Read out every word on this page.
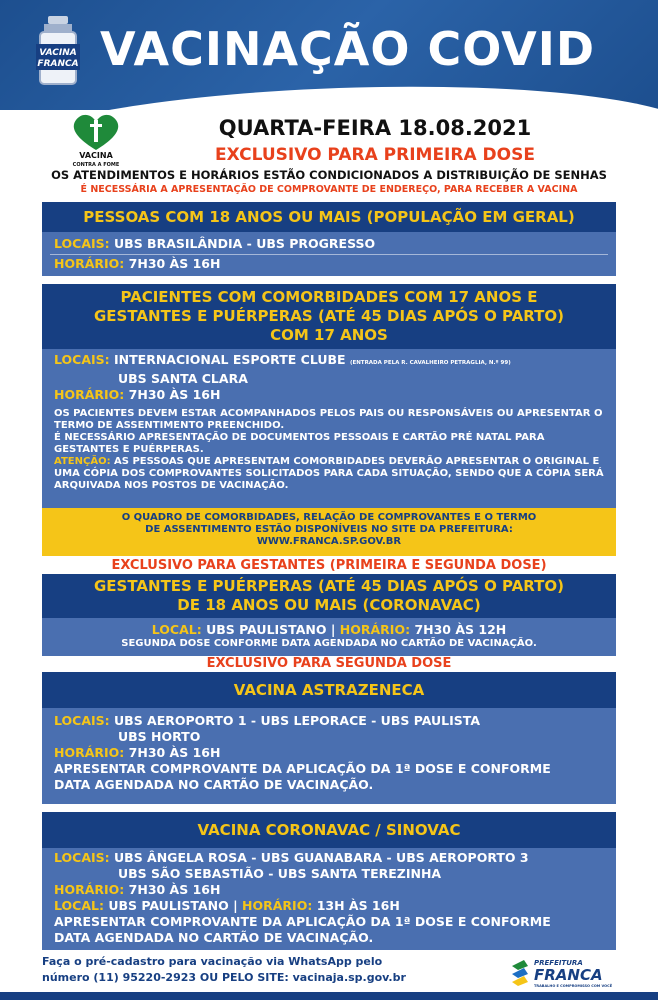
VACINA
FRANCA VACINAÇÃO COVID
VACINA
CONTRA A FOME
QUARTA-FEIRA 18.08.2021
EXCLUSIVO PARA PRIMEIRA DOSE
OS ATENDIMENTOS E HORÁRIOS ESTÃO CONDICIONADOS A DISTRIBUIÇÃO DE SENHAS
É NECESSÁRIA A APRESENTAÇÃO DE COMPROVANTE DE ENDEREÇO, PARA RECEBER A VACINA
PESSOAS COM 18 ANOS OU MAIS (POPULAÇÃO EM GERAL)
LOCAIS: UBS BRASILÂNDIA - UBS PROGRESSO
HORÁRIO: 7H30 ÀS 16H
PACIENTES COM COMORBIDADES COM 17 ANOS E
GESTANTES E PUÉRPERAS (ATÉ 45 DIAS APÓS O PARTO)
COM 17 ANOS
LOCAIS: INTERNACIONAL ESPORTE CLUBE (ENTRADA PELA R. CAVALHEIRO PETRAGLIA, N.º 99)
UBS SANTA CLARA
HORÁRIO: 7H30 ÀS 16H
OS PACIENTES DEVEM ESTAR ACOMPANHADOS PELOS PAIS OU RESPONSÁVEIS OU APRESENTAR O TERMO DE ASSENTIMENTO PREENCHIDO.
É NECESSÁRIO APRESENTAÇÃO DE DOCUMENTOS PESSOAIS E CARTÃO PRÉ NATAL PARA GESTANTES E PUÉRPERAS.
ATENÇÃO: AS PESSOAS QUE APRESENTAM COMORBIDADES DEVERÃO APRESENTAR O ORIGINAL E UMA CÓPIA DOS COMPROVANTES SOLICITADOS PARA CADA SITUAÇÃO, SENDO QUE A CÓPIA SERÁ ARQUIVADA NOS POSTOS DE VACINAÇÃO.
O QUADRO DE COMORBIDADES, RELAÇÃO DE COMPROVANTES E O TERMO
DE ASSENTIMENTO ESTÃO DISPONÍVEIS NO SITE DA PREFEITURA:
WWW.FRANCA.SP.GOV.BR
EXCLUSIVO PARA GESTANTES (PRIMEIRA E SEGUNDA DOSE)
GESTANTES E PUÉRPERAS (ATÉ 45 DIAS APÓS O PARTO)
DE 18 ANOS OU MAIS (CORONAVAC)
LOCAL: UBS PAULISTANO | HORÁRIO: 7H30 ÀS 12H
SEGUNDA DOSE CONFORME DATA AGENDADA NO CARTÃO DE VACINAÇÃO.
EXCLUSIVO PARA SEGUNDA DOSE
VACINA ASTRAZENECA
LOCAIS: UBS AEROPORTO 1 - UBS LEPORACE - UBS PAULISTA
UBS HORTO
HORÁRIO: 7H30 ÀS 16H
APRESENTAR COMPROVANTE DA APLICAÇÃO DA 1ª DOSE E CONFORME
DATA AGENDADA NO CARTÃO DE VACINAÇÃO.
VACINA CORONAVAC / SINOVAC
LOCAIS: UBS ÂNGELA ROSA - UBS GUANABARA - UBS AEROPORTO 3
UBS SÃO SEBASTIÃO - UBS SANTA TEREZINHA
HORÁRIO: 7H30 ÀS 16H
LOCAL: UBS PAULISTANO | HORÁRIO: 13H ÀS 16H
APRESENTAR COMPROVANTE DA APLICAÇÃO DA 1ª DOSE E CONFORME
DATA AGENDADA NO CARTÃO DE VACINAÇÃO.
Faça o pré-cadastro para vacinação via WhatsApp pelo
número (11) 95220-2923 OU PELO SITE: vacinaja.sp.gov.br
PREFEITURA
FRANCA
TRABALHO E COMPROMISSO COM VOCÊ
